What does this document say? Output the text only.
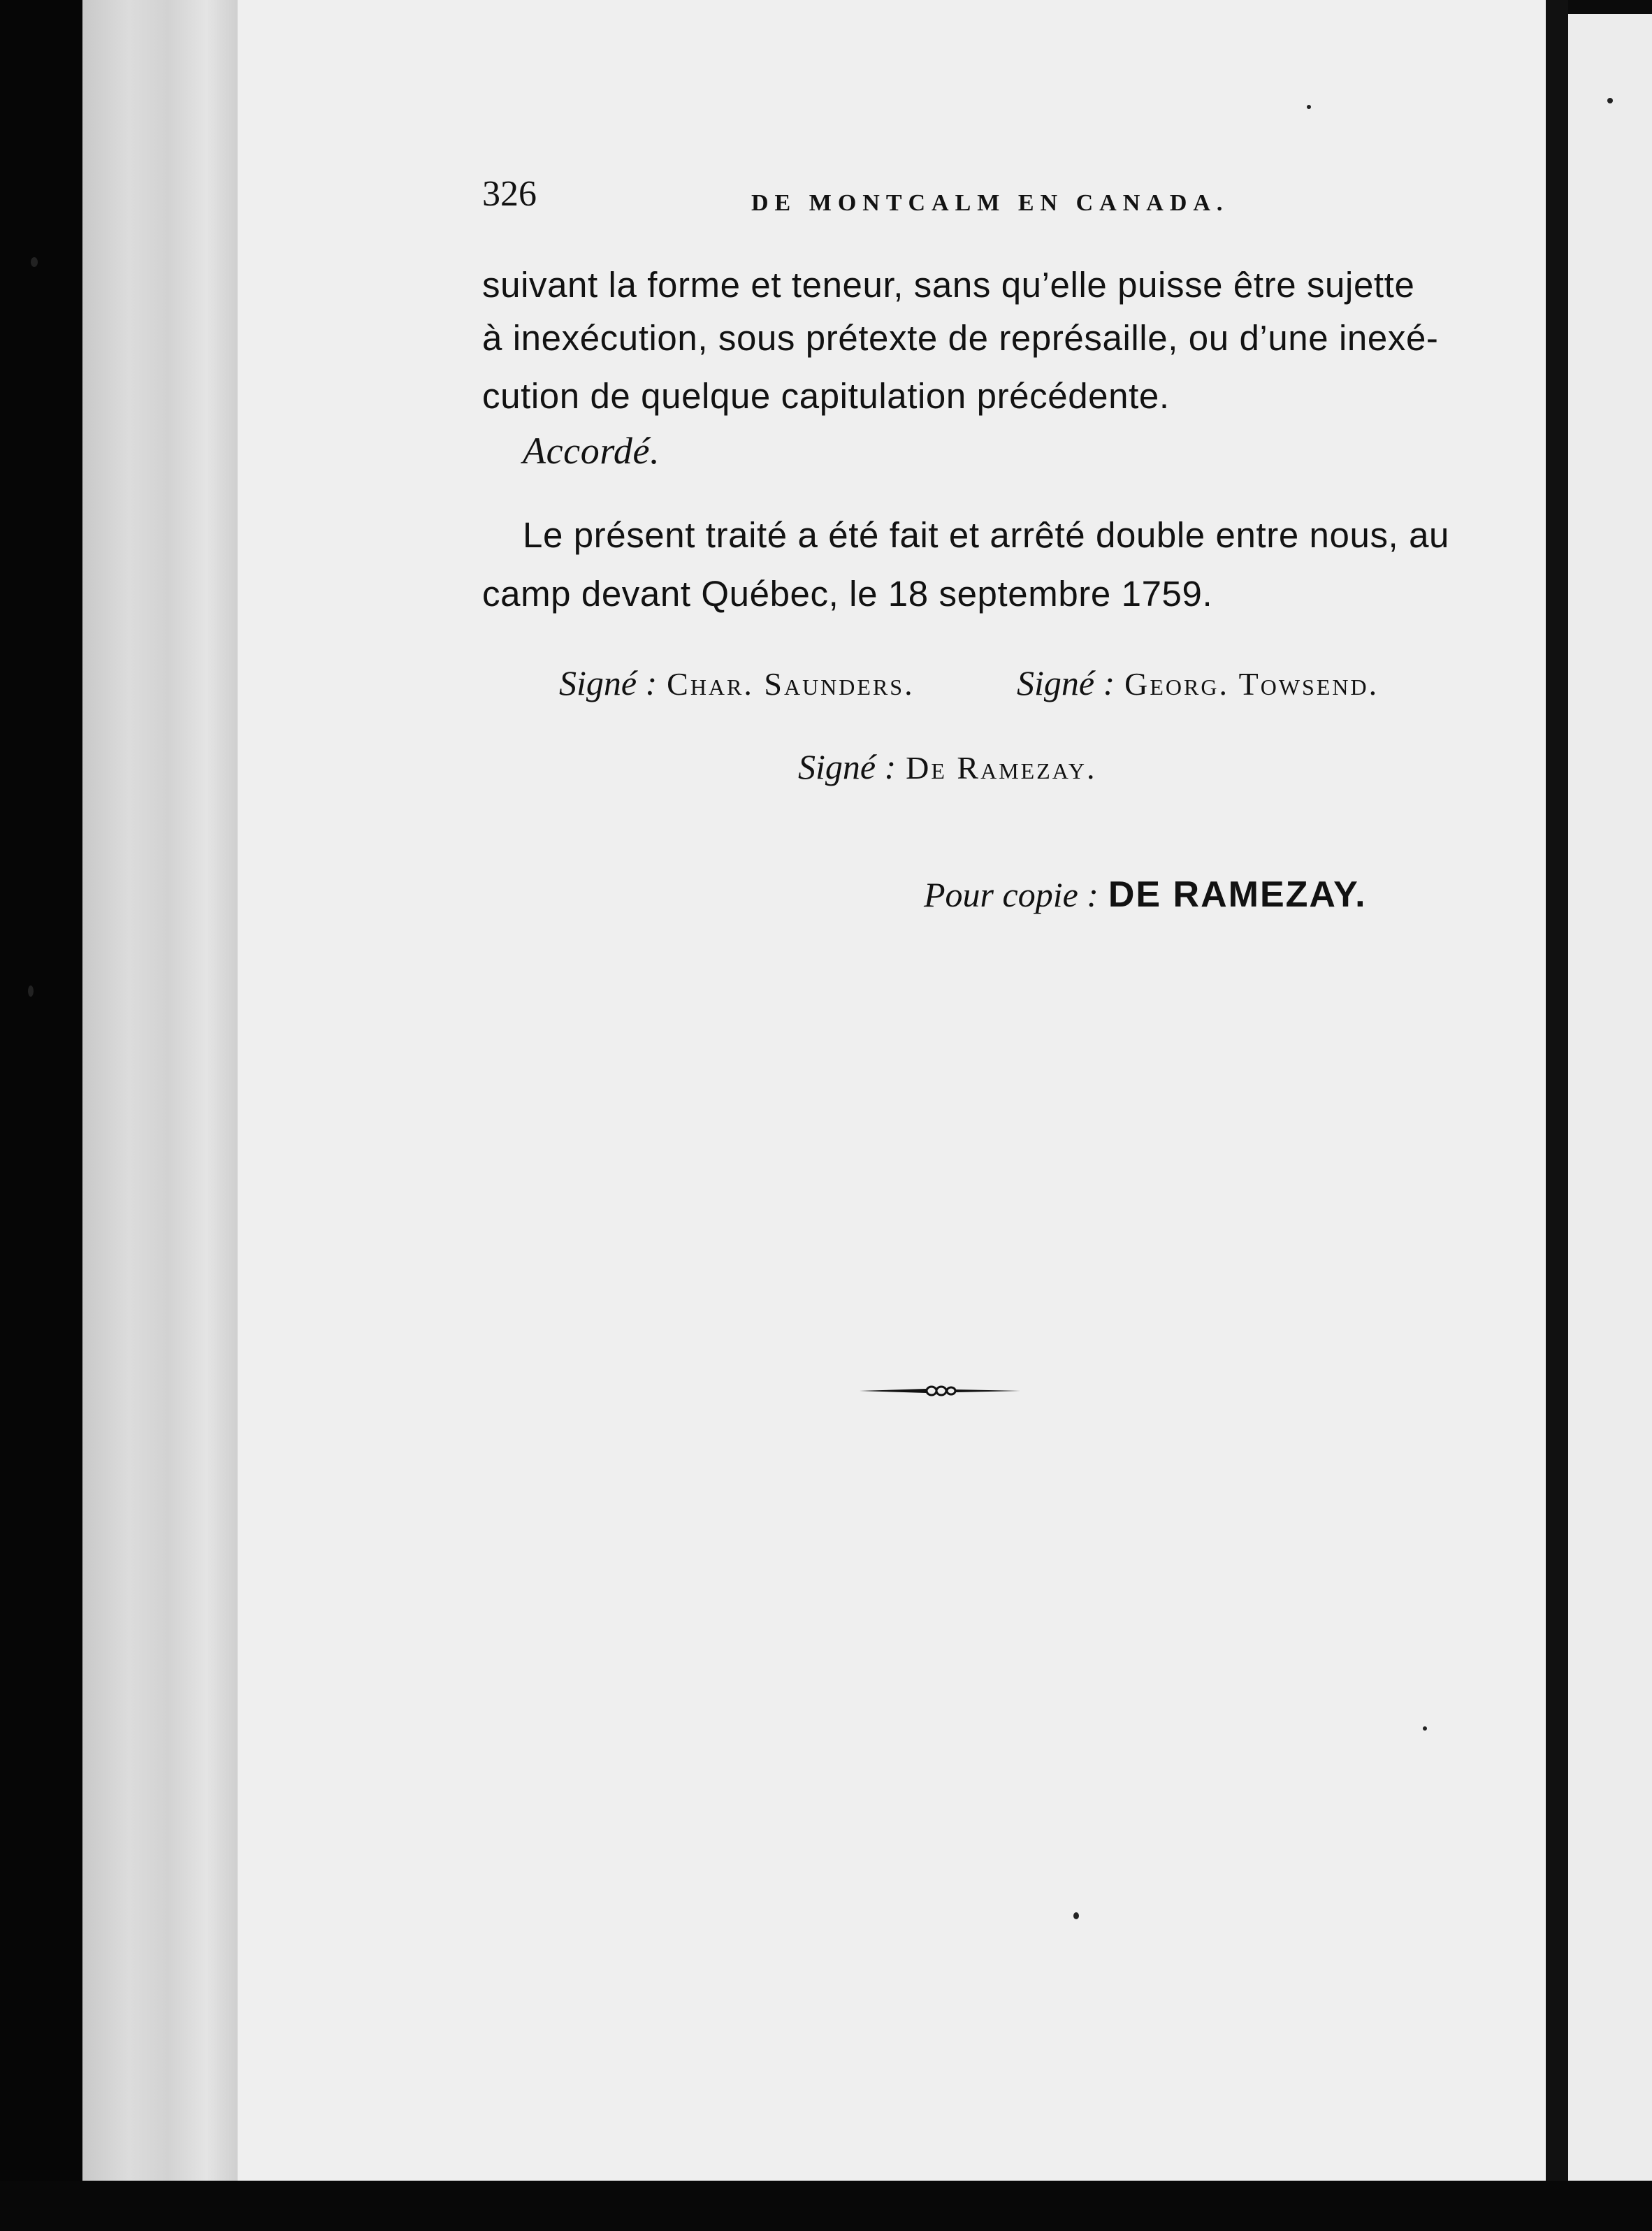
326	DE MONTCALM EN CANADA.
suivant la forme et teneur, sans qu’elle puisse être sujette
à inexécution, sous prétexte de représaille, ou d’une inexé-
cution de quelque capitulation précédente.
Accordé.
Le présent traité a été fait et arrêté double entre nous, au
camp devant Québec, le 18 septembre 1759.
Signé : Char. Saunders.	Signé : Georg. Towsend.
Signé : De Ramezay.
Pour copie : DE RAMEZAY.
